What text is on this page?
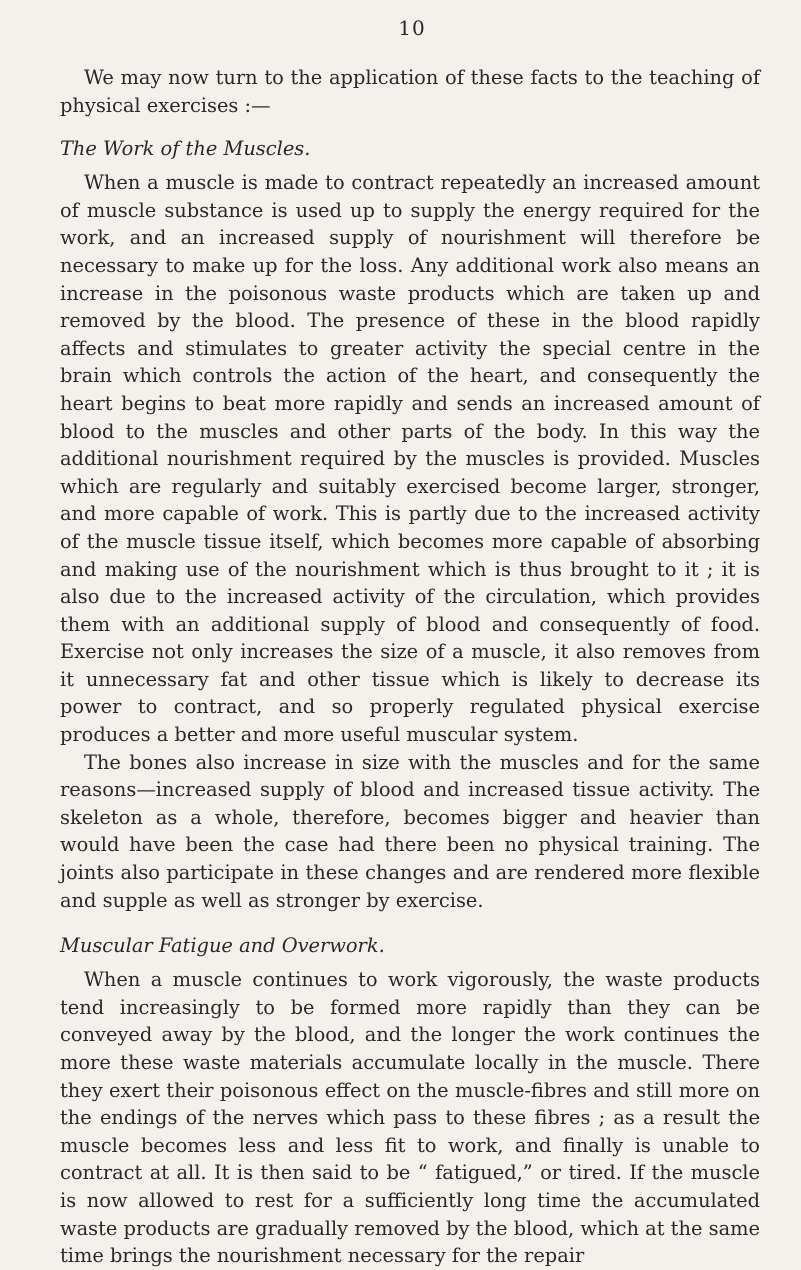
10

We may now turn to the application of these facts to the teaching of physical exercises :—

The Work of the Muscles.

When a muscle is made to contract repeatedly an increased amount of muscle substance is used up to supply the energy required for the work, and an increased supply of nourishment will therefore be necessary to make up for the loss. Any additional work also means an increase in the poisonous waste products which are taken up and removed by the blood. The presence of these in the blood rapidly affects and stimulates to greater activity the special centre in the brain which controls the action of the heart, and consequently the heart begins to beat more rapidly and sends an increased amount of blood to the muscles and other parts of the body. In this way the additional nourishment required by the muscles is provided. Muscles which are regularly and suitably exercised become larger, stronger, and more capable of work. This is partly due to the increased activity of the muscle tissue itself, which becomes more capable of absorbing and making use of the nourishment which is thus brought to it ; it is also due to the increased activity of the circulation, which provides them with an additional supply of blood and consequently of food. Exercise not only increases the size of a muscle, it also removes from it unnecessary fat and other tissue which is likely to decrease its power to contract, and so properly regulated physical exercise produces a better and more useful muscular system.

The bones also increase in size with the muscles and for the same reasons—increased supply of blood and increased tissue activity. The skeleton as a whole, therefore, becomes bigger and heavier than would have been the case had there been no physical training. The joints also participate in these changes and are rendered more flexible and supple as well as stronger by exercise.

Muscular Fatigue and Overwork.

When a muscle continues to work vigorously, the waste products tend increasingly to be formed more rapidly than they can be conveyed away by the blood, and the longer the work continues the more these waste materials accumulate locally in the muscle. There they exert their poisonous effect on the muscle-fibres and still more on the endings of the nerves which pass to these fibres ; as a result the muscle becomes less and less fit to work, and finally is unable to contract at all. It is then said to be “ fatigued,” or tired. If the muscle is now allowed to rest for a sufficiently long time the accumulated waste products are gradually removed by the blood, which at the same time brings the nourishment necessary for the repair
